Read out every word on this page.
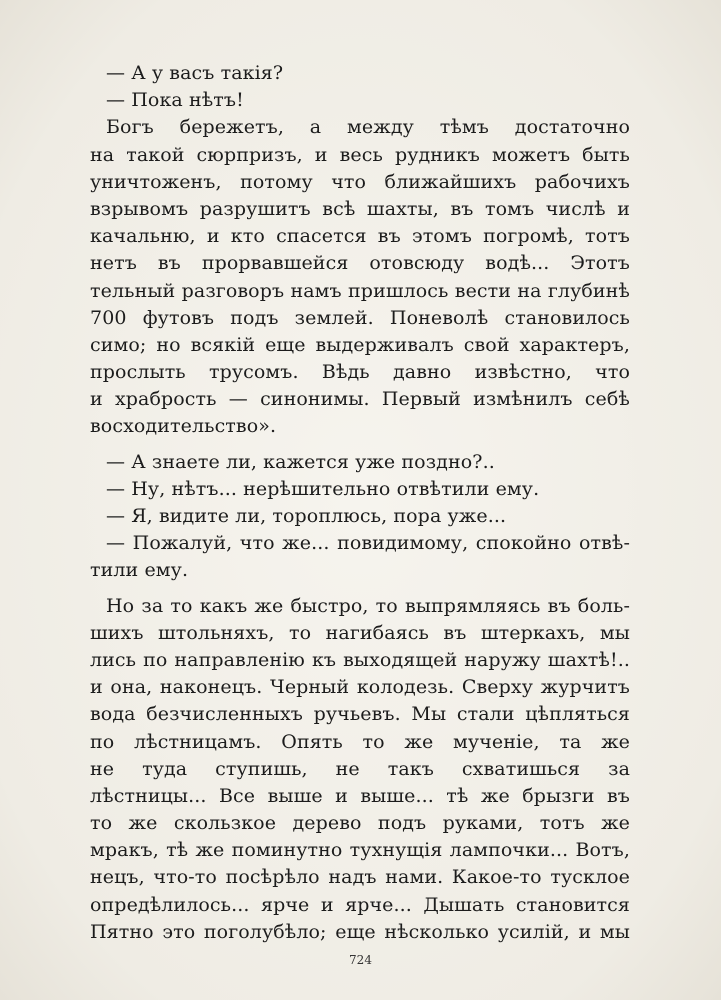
— А у васъ такія?
— Пока нѣтъ!
Богъ бережетъ, а между тѣмъ достаточно
на такой сюрпризъ, и весь рудникъ можетъ быть
уничтоженъ, потому что ближайшихъ рабочихъ
взрывомъ разрушитъ всѣ шахты, въ томъ числѣ и
качальню, и кто спасется въ этомъ погромѣ, тотъ
нетъ въ прорвавшейся отовсюду водѣ... Этотъ
тельный разговоръ намъ пришлось вести на глубинѣ
700 футовъ подъ землей. Поневолѣ становилось
симо; но всякій еще выдерживалъ свой характеръ,
прослыть трусомъ. Вѣдь давно извѣстно, что
и храбрость — синонимы. Первый измѣнилъ себѣ
восходительство».
— А знаете ли, кажется уже поздно?..
— Ну, нѣтъ... нерѣшительно отвѣтили ему.
— Я, видите ли, тороплюсь, пора уже...
— Пожалуй, что же... повидимому, спокойно отвѣ-
тили ему.
Но за то какъ же быстро, то выпрямляясь въ боль-
шихъ штольняхъ, то нагибаясь въ штеркахъ, мы
лись по направленію къ выходящей наружу шахтѣ!..
и она, наконецъ. Черный колодезь. Сверху журчитъ
вода безчисленныхъ ручьевъ. Мы стали цѣпляться
по лѣстницамъ. Опять то же мученіе, та же
не туда ступишь, не такъ схватишься за
лѣстницы... Все выше и выше... тѣ же брызги въ
то же скользкое дерево подъ руками, тотъ же
мракъ, тѣ же поминутно тухнущія лампочки... Вотъ,
нецъ, что-то посѣрѣло надъ нами. Какое-то тусклое
опредѣлилось... ярче и ярче... Дышать становится
Пятно это поголубѣло; еще нѣсколько усилій, и мы
724
